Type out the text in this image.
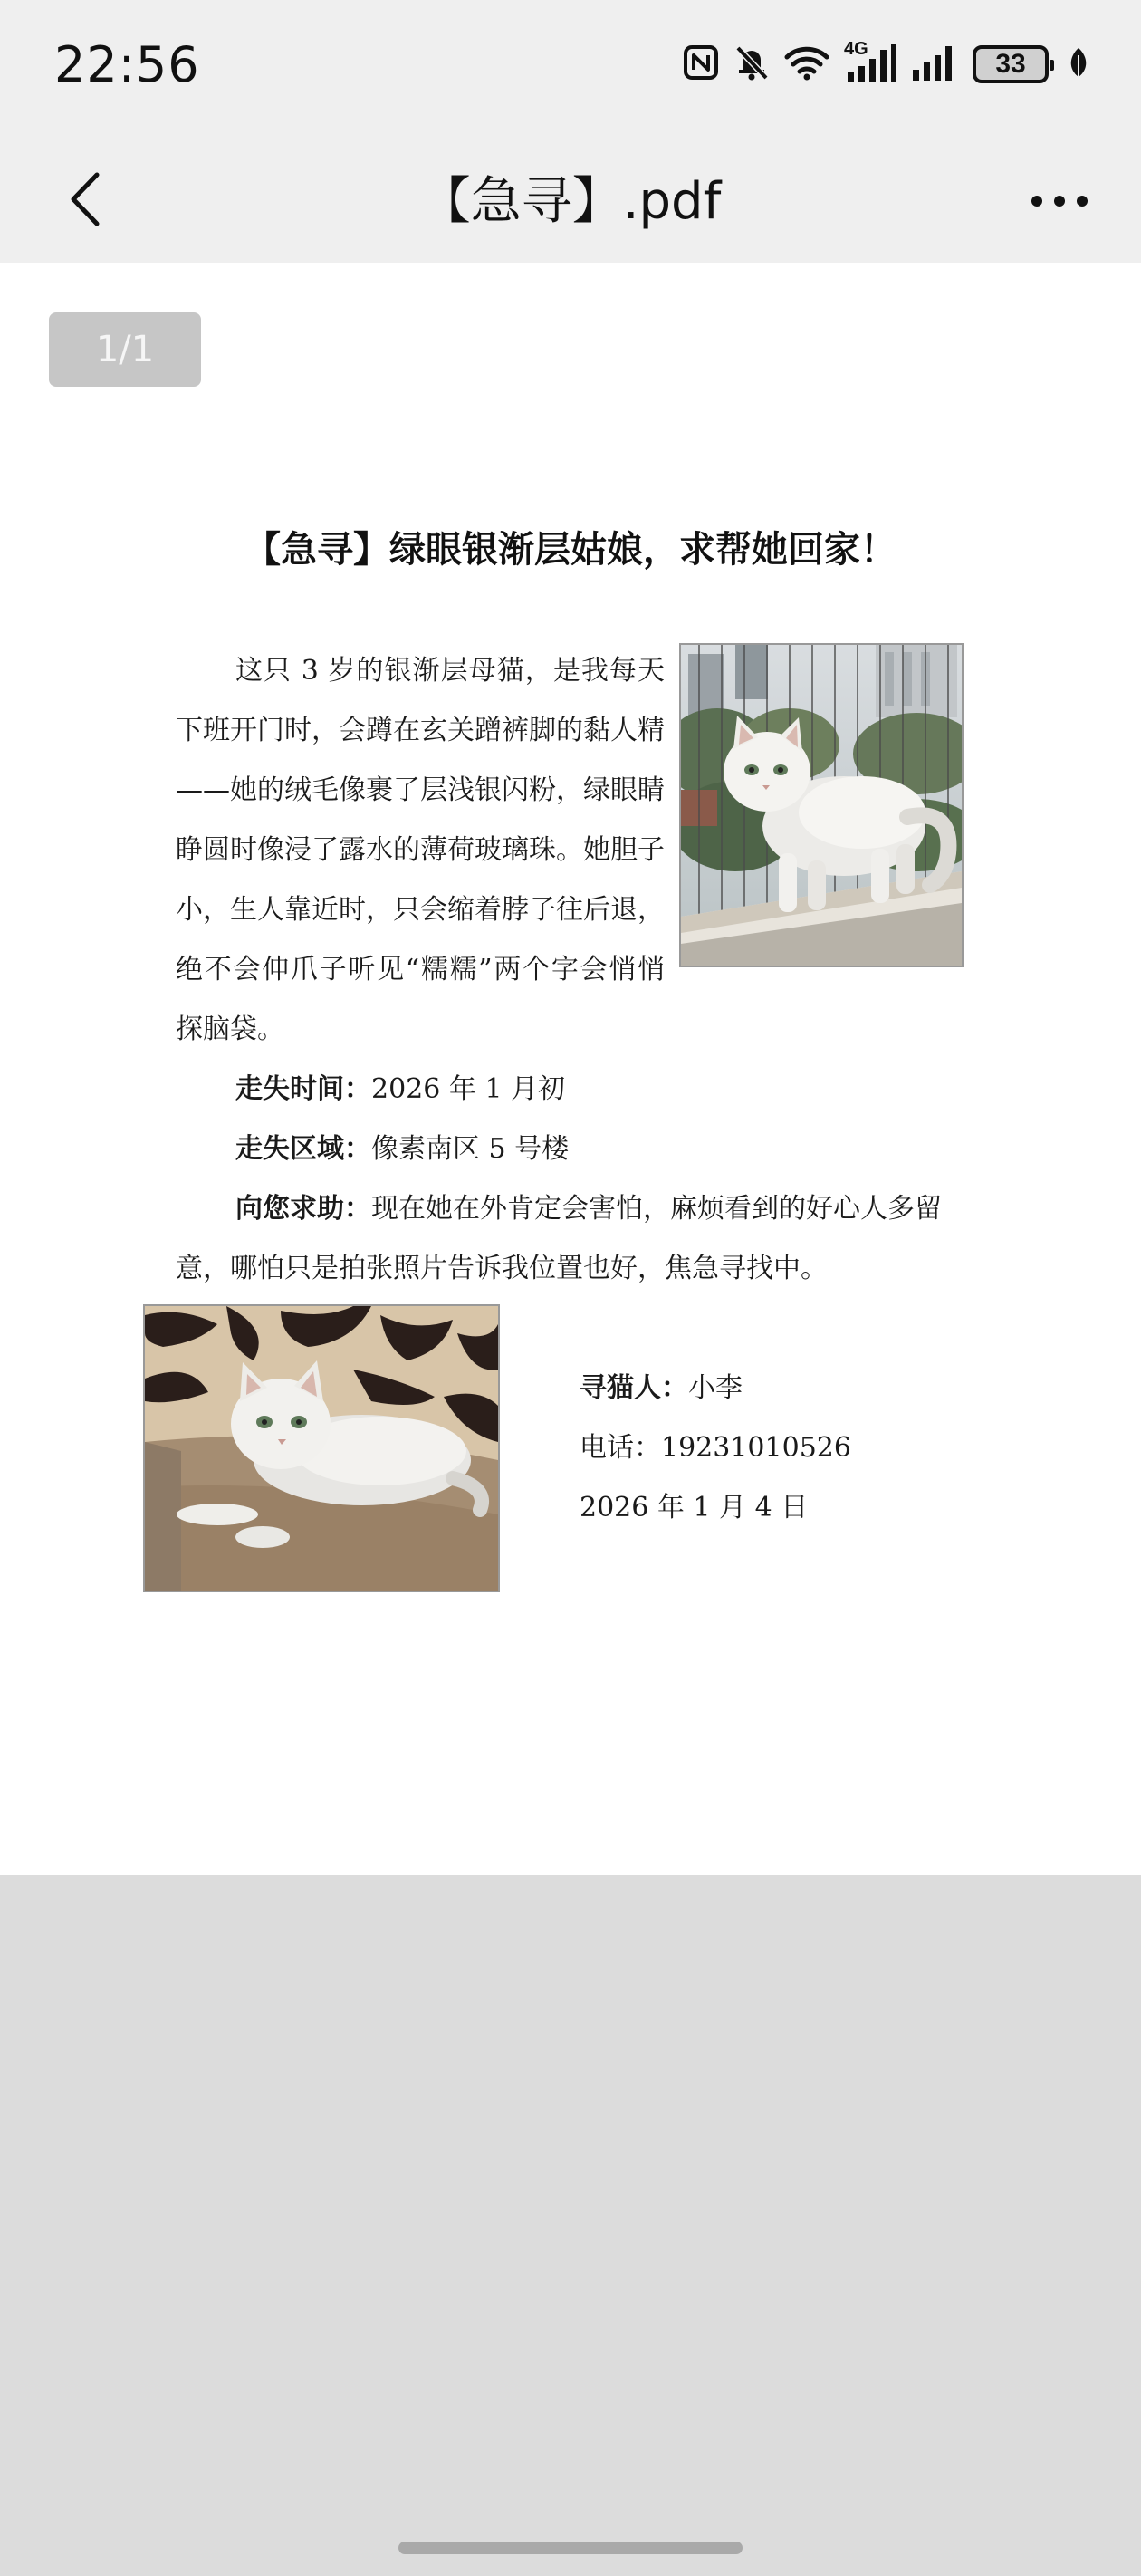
22:56	4G	33
【急寻】.pdf
1/1
【急寻】绿眼银渐层姑娘，求帮她回家！
这只 3 岁的银渐层母猫，是我每天下班开门时，会蹲在玄关蹭裤脚的黏人精——她的绒毛像裹了层浅银闪粉，绿眼睛睁圆时像浸了露水的薄荷玻璃珠。她胆子小，生人靠近时，只会缩着脖子往后退，绝不会伸爪子听见“糯糯”两个字会悄悄探脑袋。
走失时间：2026 年 1 月初
走失区域：像素南区 5 号楼
向您求助：现在她在外肯定会害怕，麻烦看到的好心人多留意，哪怕只是拍张照片告诉我位置也好，焦急寻找中。
寻猫人：小李
电话：19231010526
2026 年 1 月 4 日
